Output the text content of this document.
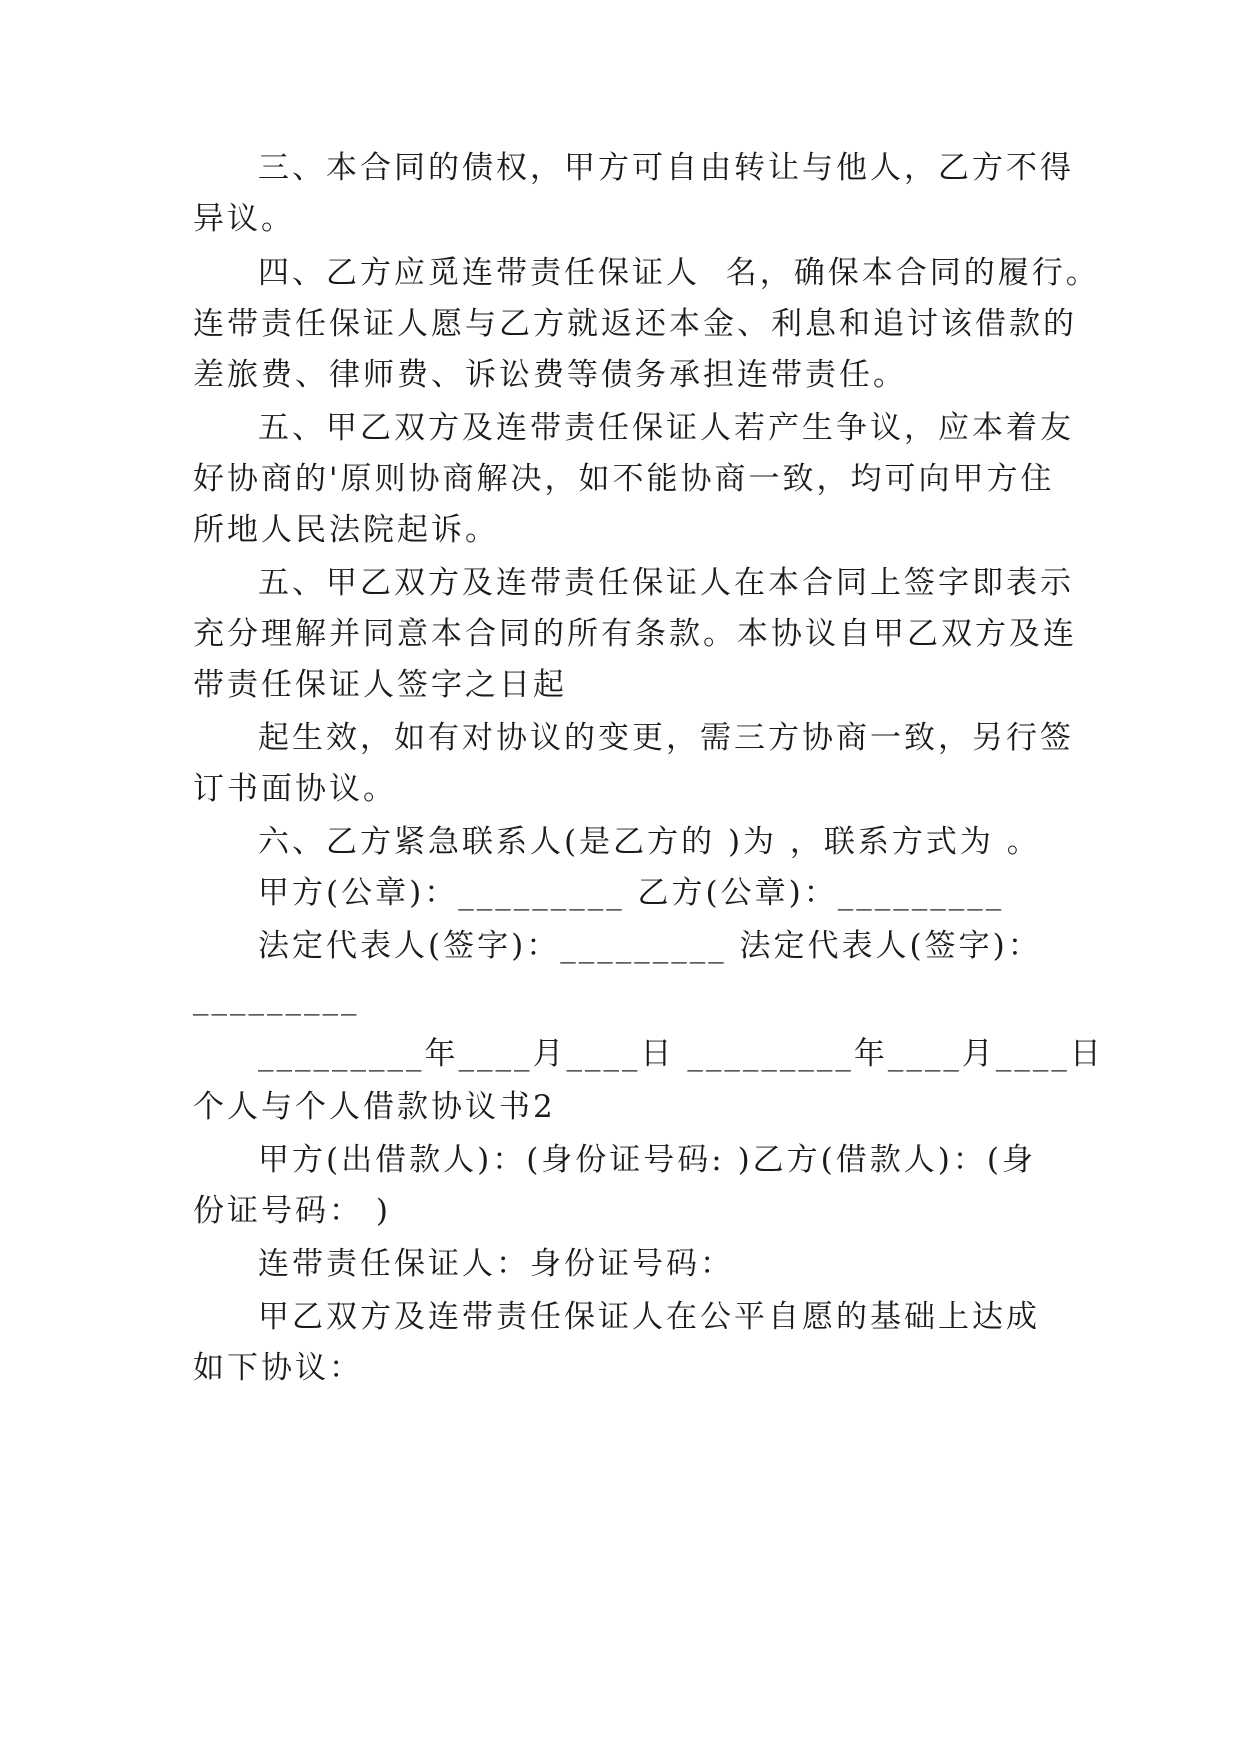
三、本合同的债权，甲方可自由转让与他人，乙方不得
异议。
四、乙方应觅连带责任保证人  名，确保本合同的履行。
连带责任保证人愿与乙方就返还本金、利息和追讨该借款的
差旅费、律师费、诉讼费等债务承担连带责任。
五、甲乙双方及连带责任保证人若产生争议，应本着友
好协商的'原则协商解决，如不能协商一致，均可向甲方住
所地人民法院起诉。
五、甲乙双方及连带责任保证人在本合同上签字即表示
充分理解并同意本合同的所有条款。本协议自甲乙双方及连
带责任保证人签字之日起
起生效，如有对协议的变更，需三方协商一致，另行签
订书面协议。
六、乙方紧急联系人(是乙方的 )为 ，联系方式为 。
甲方(公章)：_________ 乙方(公章)：_________
法定代表人(签字)：_________ 法定代表人(签字)：
_________
_________年____月____日 _________年____月____日
个人与个人借款协议书2
甲方(出借款人)：(身份证号码: )乙方(借款人)：(身
份证号码： )
连带责任保证人：身份证号码：
甲乙双方及连带责任保证人在公平自愿的基础上达成
如下协议：
